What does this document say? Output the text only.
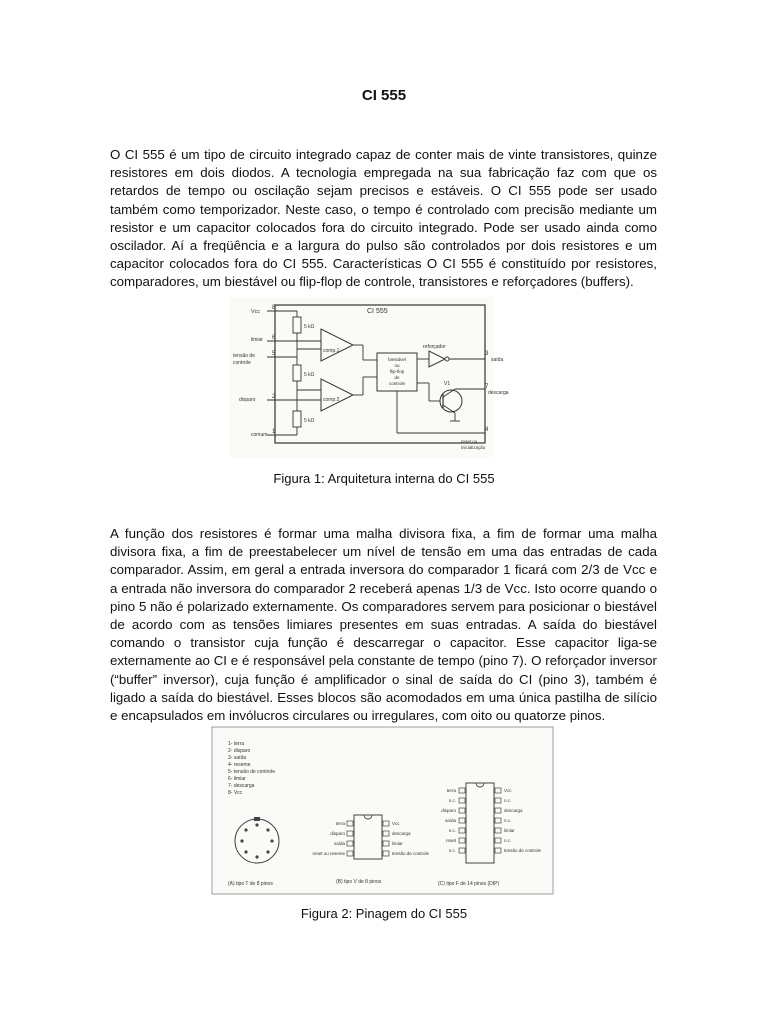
CI 555

O CI 555 é um tipo de circuito integrado capaz de conter mais de vinte transistores, quinze resistores em dois diodos. A tecnologia empregada na sua fabricação faz com que os retardos de tempo ou oscilação sejam precisos e estáveis. O CI 555 pode ser usado também como temporizador. Neste caso, o tempo é controlado com precisão mediante um resistor e um capacitor colocados fora do circuito integrado. Pode ser usado ainda como oscilador. Aí a freqüência e a largura do pulso são controlados por dois resistores e um capacitor colocados fora do CI 555. Características O CI 555 é constituído por resistores, comparadores, um biestável ou flip-flop de controle, transistores e reforçadores (buffers).

CI 555
Vcc
limiar
tensão de
controle
disparo
comum
8
6
5
2
1
3
7
4
5 kΩ
5 kΩ
5 kΩ
comp.1
comp.2
biestável
ou
flip-flop
de
controle
reforçador
saída
V1
descarga
reset ou
inicialização
Figura 1: Arquitetura interna do CI 555

A função dos resistores é formar uma malha divisora fixa, a fim de formar uma malha divisora fixa, a fim de preestabelecer um nível de tensão em uma das entradas de cada comparador. Assim, em geral a entrada inversora do comparador 1 ficará com 2/3 de Vcc e a entrada não inversora do comparador 2 receberá apenas 1/3 de Vcc. Isto ocorre quando o pino 5 não é polarizado externamente. Os comparadores servem para posicionar o biestável de acordo com as tensões limiares presentes em suas entradas. A saída do biestável comando o transistor cuja função é descarregar o capacitor. Esse capacitor liga-se externamente ao CI e é responsável pela constante de tempo (pino 7). O reforçador inversor (“buffer” inversor), cuja função é amplificador o sinal de saída do CI (pino 3), também é ligado a saída do biestável. Esses blocos são acomodados em uma única pastilha de silício e encapsulados em invólucros circulares ou irregulares, com oito ou quatorze pinos.

1- terra
2- disparo
3- saída
4- reseme
5- tensão de controle
6- limiar
7- descarga
8- Vcc
terra
disparo
saída
reset ou reseme
Vcc
descarga
limiar
tensão de controle
terra
n.c.
disparo
saída
n.c.
reset
n.c.
Vcc
n.c.
descarga
n.c.
limiar
n.c.
tensão de controle
(A) tipo T de 8 pinos	(B) tipo V de 8 pinos	(C) tipo F de 14 pinos (DIP)
Figura 2: Pinagem do CI 555
